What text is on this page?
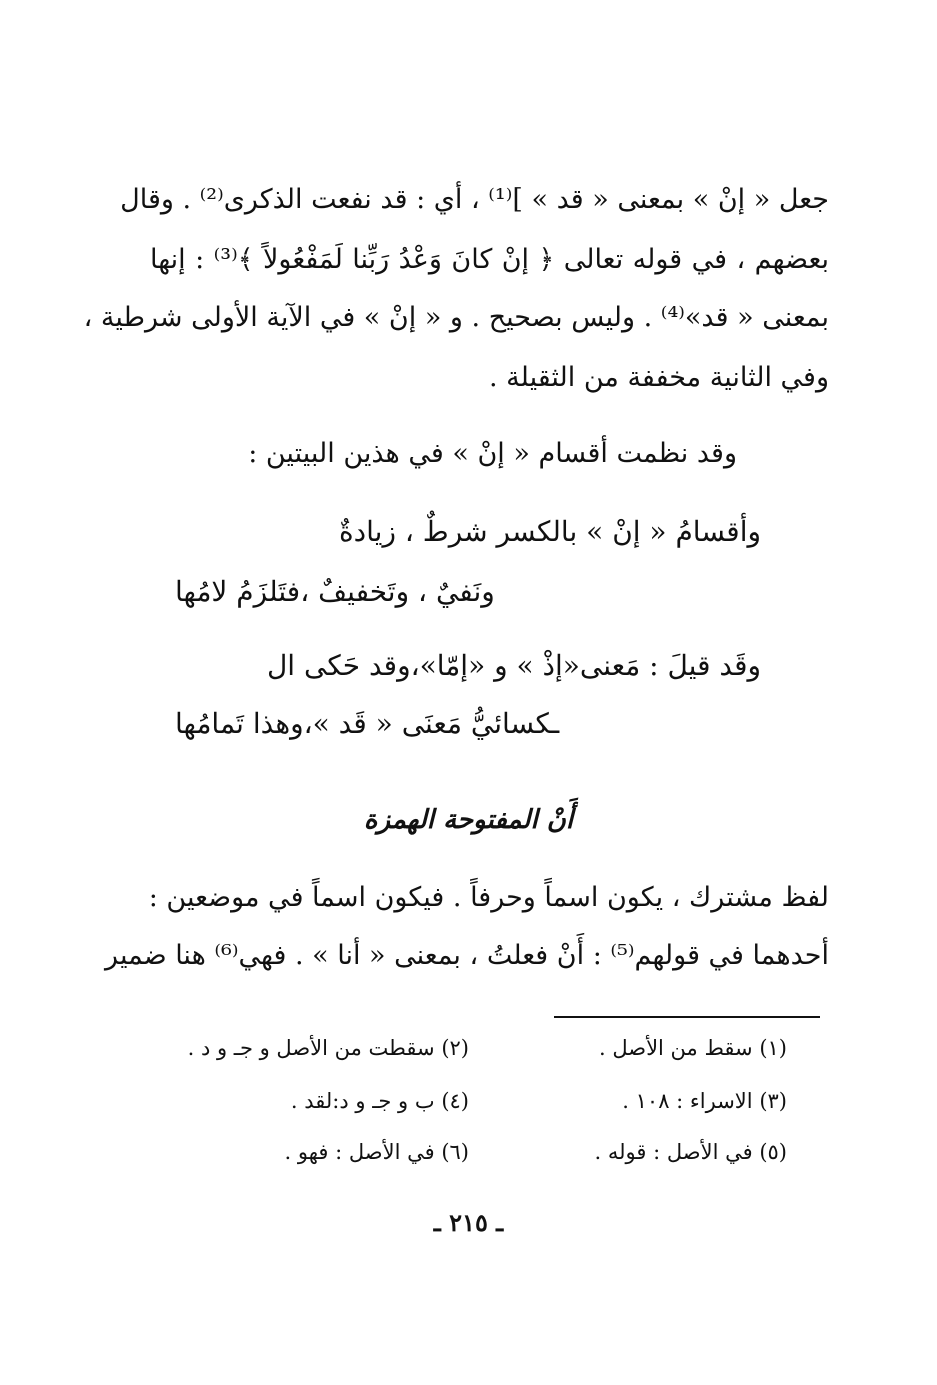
جعل « إنْ » بمعنى « قد » ]⁽¹⁾ ، أي : قد نفعت الذكرى⁽²⁾ . وقال
بعضهم ، في قوله تعالى ﴿ إنْ كانَ وَعْدُ رَبِّنا لَمَفْعُولاً ﴾⁽³⁾ : إنها
بمعنى « قد»⁽⁴⁾ . وليس بصحيح . و « إنْ » في الآية الأولى شرطية ،
وفي الثانية مخففة من الثقيلة .
وقد نظمت أقسام « إنْ » في هذين البيتين :
وأقسامُ « إنْ » بالكسر شرطٌ ، زيادةٌ
ونَفيٌ ، وتَخفيفٌ ،فتَلزَمُ لامُها
وقَد قيلَ : مَعنى«إذْ » و «إمّا»،وقد حَكى ال
ـكسائيُّ مَعنَى « قَد »،وهذا تَمامُها
أَنْ المفتوحة الهمزة
لفظ مشترك ، يكون اسماً وحرفاً . فيكون اسماً في موضعين :
أحدهما في قولهم⁽⁵⁾ : أَنْ فعلتُ ، بمعنى « أنا » . فهي⁽⁶⁾ هنا ضمير
(١) سقط من الأصل .
(٢) سقطت من الأصل و جـ و د .
(٣) الاسراء : ١٠٨ .
(٤) ب و جـ و د:لقد .
(٥) في الأصل : قوله .
(٦) في الأصل : فهو .
ـ ٢١٥ ـ
